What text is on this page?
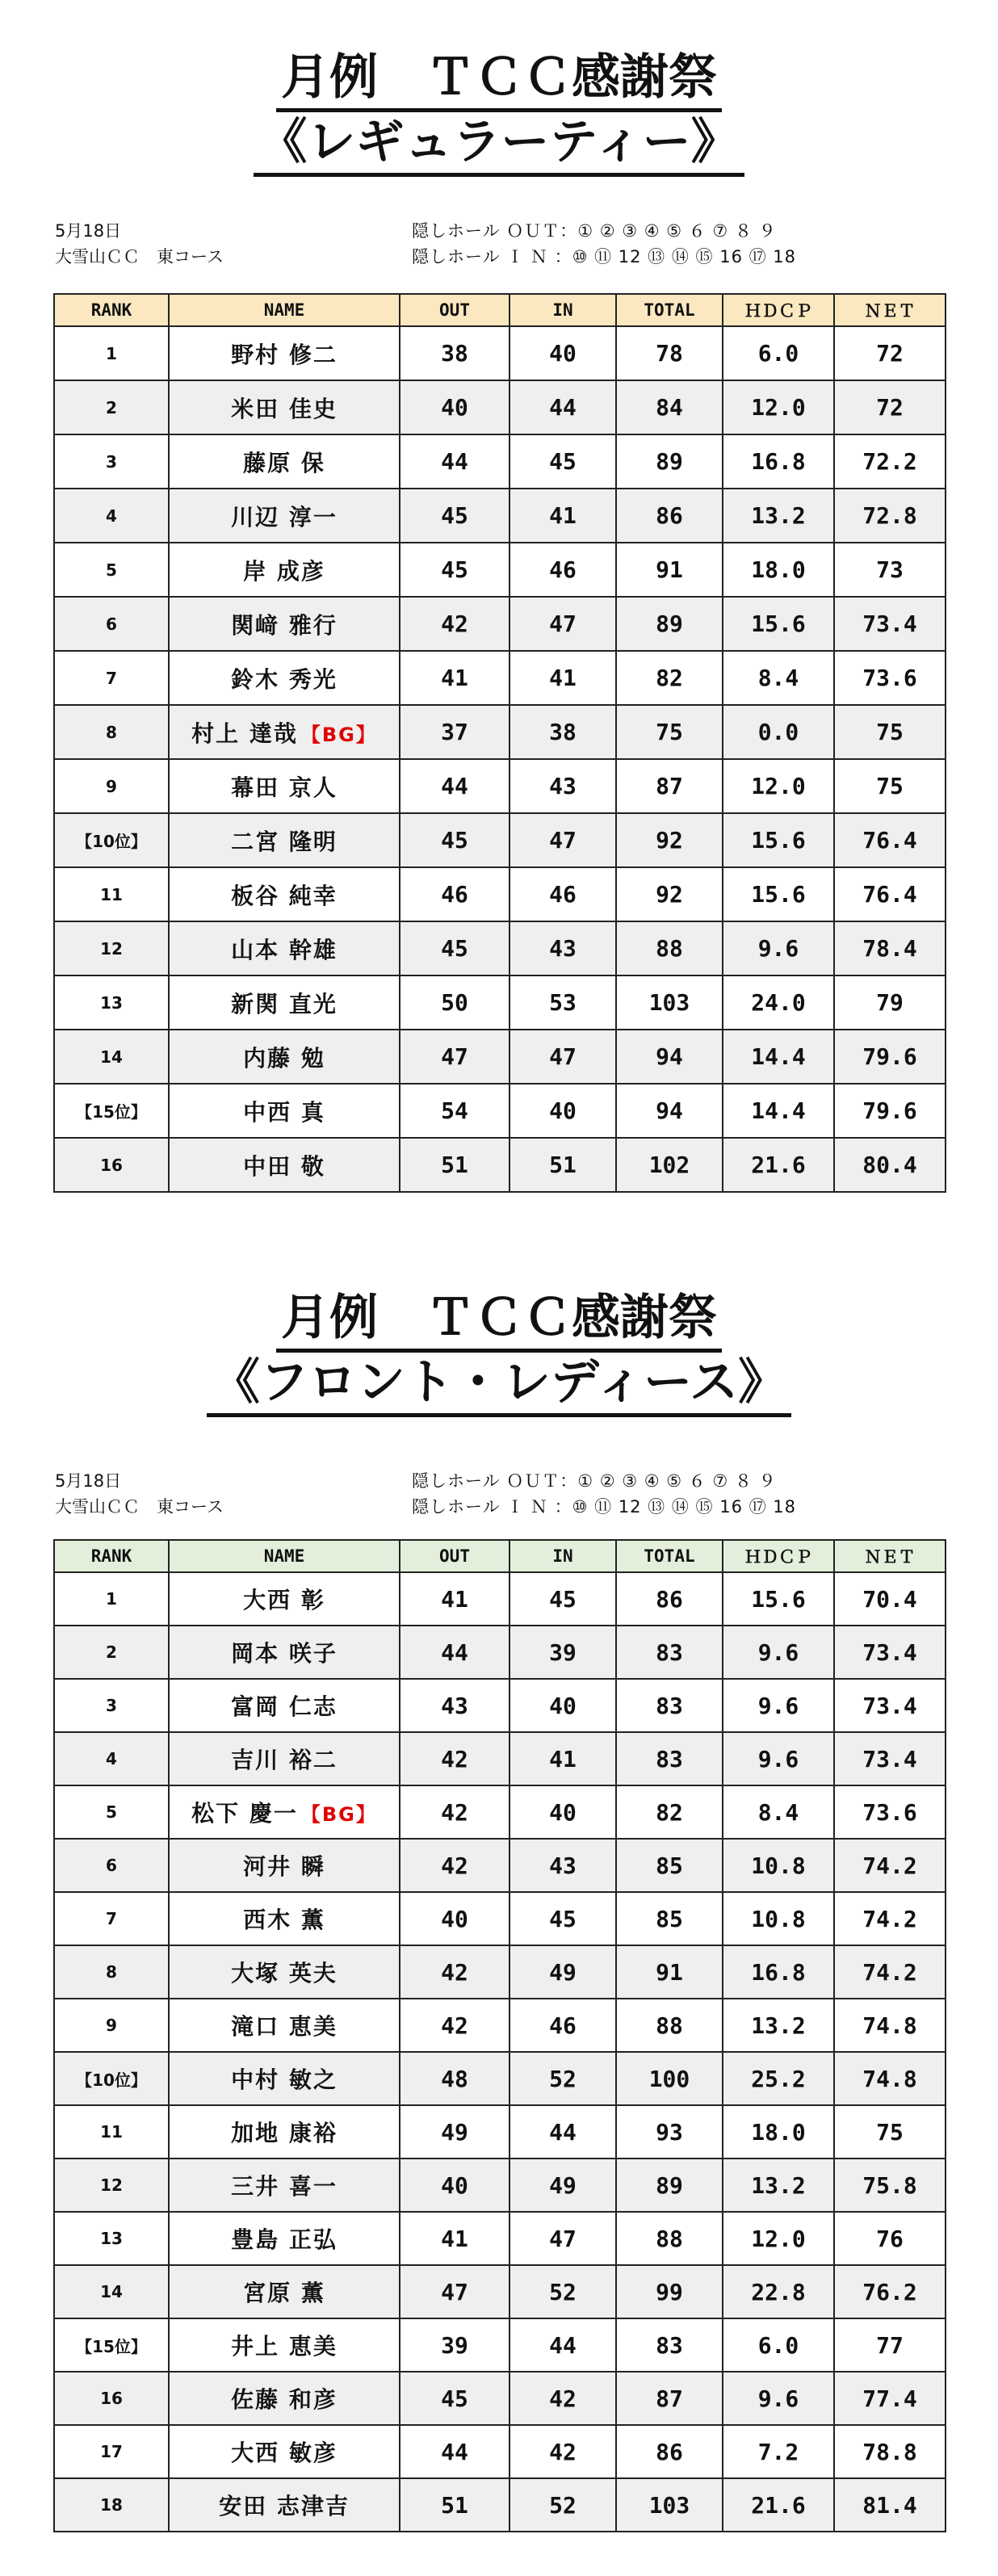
月例　ＴＣＣ感謝祭
《レギュラーティー》
5月18日
大雪山ＣＣ　東コース
隠しホール ＯＵＴ：① ② ③ ④ ⑤ ６ ⑦ ８ ９
隠しホール Ｉ Ｎ ：⑩ ⑪ 12 ⑬ ⑭ ⑮ 16 ⑰ 18
RANK	NAME	OUT	IN	TOTAL	ＨＤＣＰ	ＮＥＴ
1	野村 修二	38	40	78	6.0	72
2	米田 佳史	40	44	84	12.0	72
3	藤原 保	44	45	89	16.8	72.2
4	川辺 淳一	45	41	86	13.2	72.8
5	岸 成彦	45	46	91	18.0	73
6	関﨑 雅行	42	47	89	15.6	73.4
7	鈴木 秀光	41	41	82	8.4	73.6
8	村上 達哉 【BG】	37	38	75	0.0	75
9	幕田 京人	44	43	87	12.0	75
【10位】	二宮 隆明	45	47	92	15.6	76.4
11	板谷 純幸	46	46	92	15.6	76.4
12	山本 幹雄	45	43	88	9.6	78.4
13	新関 直光	50	53	103	24.0	79
14	内藤 勉	47	47	94	14.4	79.6
【15位】	中西 真	54	40	94	14.4	79.6
16	中田 敬	51	51	102	21.6	80.4
月例　ＴＣＣ感謝祭
《フロント・レディース》
5月18日
大雪山ＣＣ　東コース
隠しホール ＯＵＴ：① ② ③ ④ ⑤ ６ ⑦ ８ ９
隠しホール Ｉ Ｎ ：⑩ ⑪ 12 ⑬ ⑭ ⑮ 16 ⑰ 18
RANK	NAME	OUT	IN	TOTAL	ＨＤＣＰ	ＮＥＴ
1	大西 彰	41	45	86	15.6	70.4
2	岡本 咲子	44	39	83	9.6	73.4
3	富岡 仁志	43	40	83	9.6	73.4
4	吉川 裕二	42	41	83	9.6	73.4
5	松下 慶一 【BG】	42	40	82	8.4	73.6
6	河井 瞬	42	43	85	10.8	74.2
7	西木 薫	40	45	85	10.8	74.2
8	大塚 英夫	42	49	91	16.8	74.2
9	滝口 恵美	42	46	88	13.2	74.8
【10位】	中村 敏之	48	52	100	25.2	74.8
11	加地 康裕	49	44	93	18.0	75
12	三井 喜一	40	49	89	13.2	75.8
13	豊島 正弘	41	47	88	12.0	76
14	宮原 薫	47	52	99	22.8	76.2
【15位】	井上 恵美	39	44	83	6.0	77
16	佐藤 和彦	45	42	87	9.6	77.4
17	大西 敏彦	44	42	86	7.2	78.8
18	安田 志津吉	51	52	103	21.6	81.4
